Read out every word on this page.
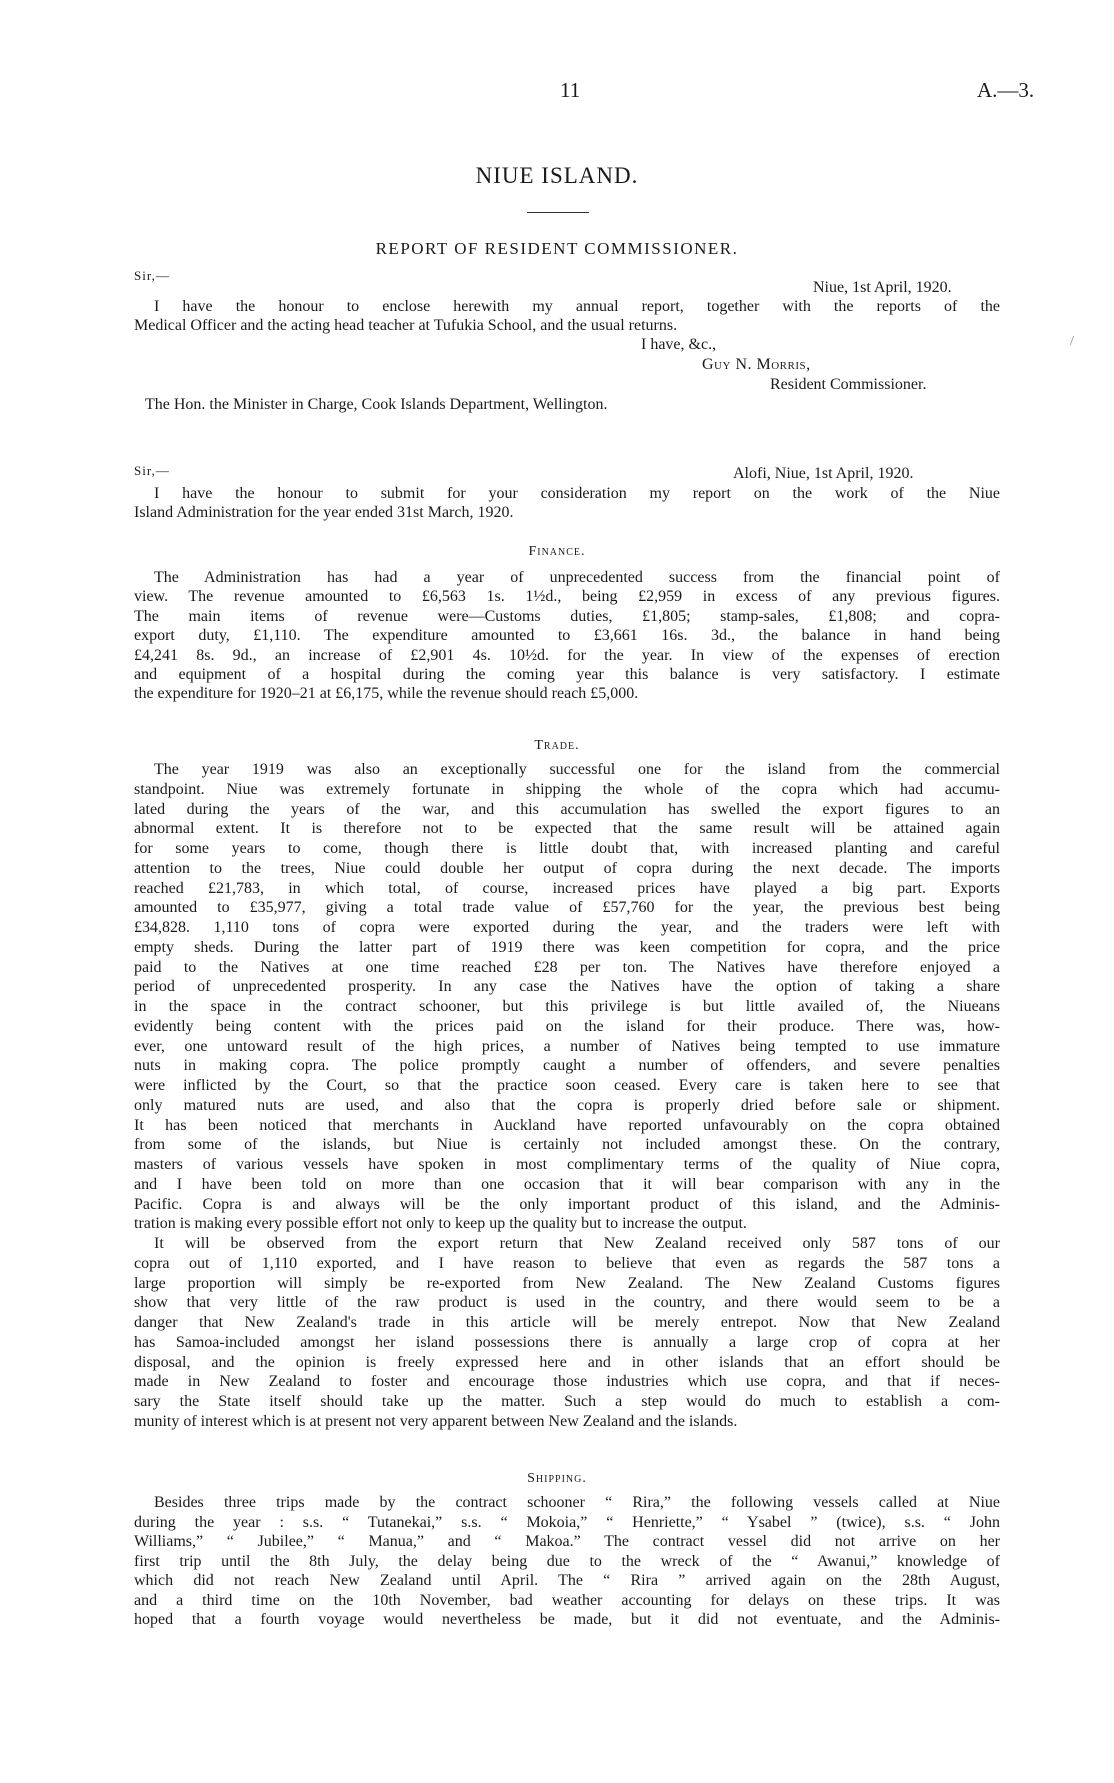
11	A.—3.
NIUE ISLAND.
REPORT OF RESIDENT COMMISSIONER.
Sir,—
Niue, 1st April, 1920.
I have the honour to enclose herewith my annual report, together with the reports of the
Medical Officer and the acting head teacher at Tufukia School, and the usual returns.
I have, &c.,
Guy N. Morris,
Resident Commissioner.
The Hon. the Minister in Charge, Cook Islands Department, Wellington.
/
Sir,—	Alofi, Niue, 1st April, 1920.
I have the honour to submit for your consideration my report on the work of the Niue
Island Administration for the year ended 31st March, 1920.
Finance.
The Administration has had a year of unprecedented success from the financial point of
view. The revenue amounted to £6,563 1s. 1½d., being £2,959 in excess of any previous figures.
The main items of revenue were—Customs duties, £1,805; stamp-sales, £1,808; and copra-
export duty, £1,110. The expenditure amounted to £3,661 16s. 3d., the balance in hand being
£4,241 8s. 9d., an increase of £2,901 4s. 10½d. for the year. In view of the expenses of erection
and equipment of a hospital during the coming year this balance is very satisfactory. I estimate
the expenditure for 1920–21 at £6,175, while the revenue should reach £5,000.
Trade.
The year 1919 was also an exceptionally successful one for the island from the commercial
standpoint. Niue was extremely fortunate in shipping the whole of the copra which had accumu-
lated during the years of the war, and this accumulation has swelled the export figures to an
abnormal extent. It is therefore not to be expected that the same result will be attained again
for some years to come, though there is little doubt that, with increased planting and careful
attention to the trees, Niue could double her output of copra during the next decade. The imports
reached £21,783, in which total, of course, increased prices have played a big part. Exports
amounted to £35,977, giving a total trade value of £57,760 for the year, the previous best being
£34,828. 1,110 tons of copra were exported during the year, and the traders were left with
empty sheds. During the latter part of 1919 there was keen competition for copra, and the price
paid to the Natives at one time reached £28 per ton. The Natives have therefore enjoyed a
period of unprecedented prosperity. In any case the Natives have the option of taking a share
in the space in the contract schooner, but this privilege is but little availed of, the Niueans
evidently being content with the prices paid on the island for their produce. There was, how-
ever, one untoward result of the high prices, a number of Natives being tempted to use immature
nuts in making copra. The police promptly caught a number of offenders, and severe penalties
were inflicted by the Court, so that the practice soon ceased. Every care is taken here to see that
only matured nuts are used, and also that the copra is properly dried before sale or shipment.
It has been noticed that merchants in Auckland have reported unfavourably on the copra obtained
from some of the islands, but Niue is certainly not included amongst these. On the contrary,
masters of various vessels have spoken in most complimentary terms of the quality of Niue copra,
and I have been told on more than one occasion that it will bear comparison with any in the
Pacific. Copra is and always will be the only important product of this island, and the Adminis-
tration is making every possible effort not only to keep up the quality but to increase the output.
It will be observed from the export return that New Zealand received only 587 tons of our
copra out of 1,110 exported, and I have reason to believe that even as regards the 587 tons a
large proportion will simply be re-exported from New Zealand. The New Zealand Customs figures
show that very little of the raw product is used in the country, and there would seem to be a
danger that New Zealand's trade in this article will be merely entrepot. Now that New Zealand
has Samoa-included amongst her island possessions there is annually a large crop of copra at her
disposal, and the opinion is freely expressed here and in other islands that an effort should be
made in New Zealand to foster and encourage those industries which use copra, and that if neces-
sary the State itself should take up the matter. Such a step would do much to establish a com-
munity of interest which is at present not very apparent between New Zealand and the islands.
Shipping.
Besides three trips made by the contract schooner “ Rira,” the following vessels called at Niue
during the year : s.s. “ Tutanekai,” s.s. “ Mokoia,” “ Henriette,” “ Ysabel ” (twice), s.s. “ John
Williams,” “ Jubilee,” “ Manua,” and “ Makoa.” The contract vessel did not arrive on her
first trip until the 8th July, the delay being due to the wreck of the “ Awanui,” knowledge of
which did not reach New Zealand until April. The “ Rira ” arrived again on the 28th August,
and a third time on the 10th November, bad weather accounting for delays on these trips. It was
hoped that a fourth voyage would nevertheless be made, but it did not eventuate, and the Adminis-
